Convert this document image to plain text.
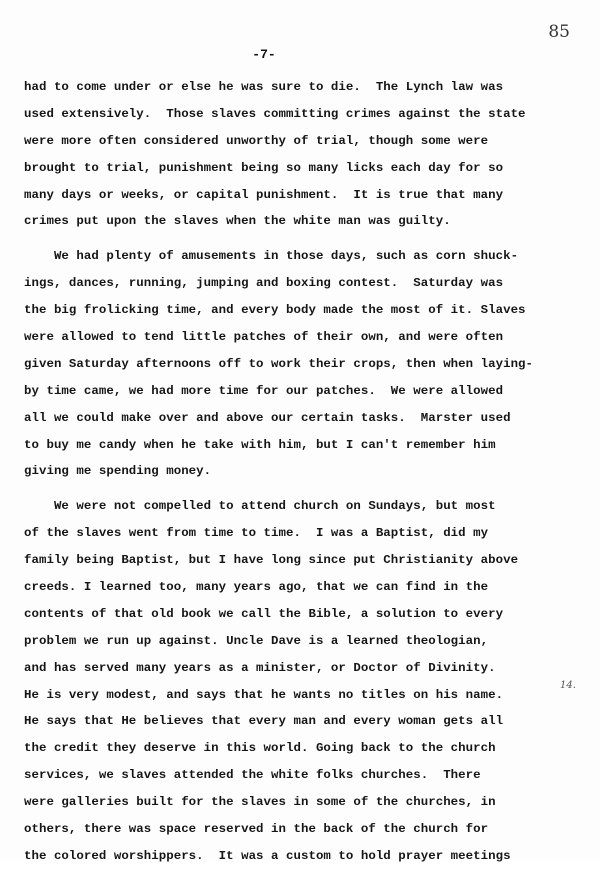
85
-7-
had to come under or else he was sure to die.  The Lynch law was
used extensively.  Those slaves committing crimes against the state
were more often considered unworthy of trial, though some were
brought to trial, punishment being so many licks each day for so
many days or weeks, or capital punishment.  It is true that many
crimes put upon the slaves when the white man was guilty.
We had plenty of amusements in those days, such as corn shuck-
ings, dances, running, jumping and boxing contest.  Saturday was
the big frolicking time, and every body made the most of it. Slaves
were allowed to tend little patches of their own, and were often
given Saturday afternoons off to work their crops, then when laying-
by time came, we had more time for our patches.  We were allowed
all we could make over and above our certain tasks.  Marster used
to buy me candy when he take with him, but I can't remember him
giving me spending money.
We were not compelled to attend church on Sundays, but most
of the slaves went from time to time.  I was a Baptist, did my
family being Baptist, but I have long since put Christianity above
creeds. I learned too, many years ago, that we can find in the
contents of that old book we call the Bible, a solution to every
problem we run up against. Uncle Dave is a learned theologian,
and has served many years as a minister, or Doctor of Divinity.
He is very modest, and says that he wants no titles on his name.
He says that He believes that every man and every woman gets all
the credit they deserve in this world. Going back to the church
services, we slaves attended the white folks churches.  There
were galleries built for the slaves in some of the churches, in
others, there was space reserved in the back of the church for
the colored worshippers.  It was a custom to hold prayer meetings
14.
